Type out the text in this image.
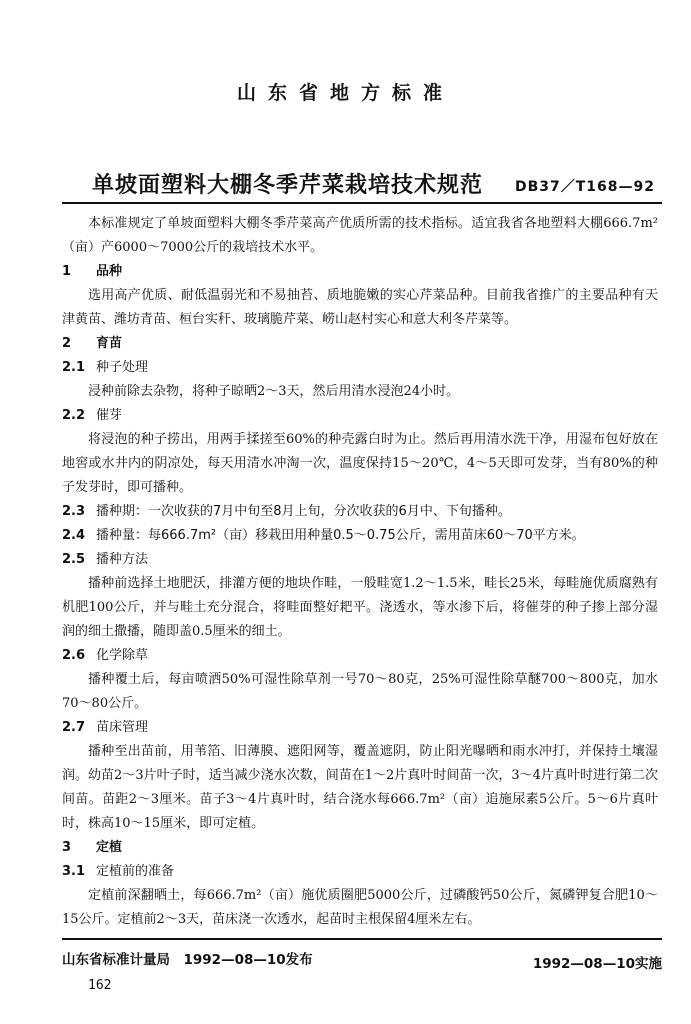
山东省地方标准
单坡面塑料大棚冬季芹菜栽培技术规范 DB37／T168—92

本标准规定了单坡面塑料大棚冬季芹菜高产优质所需的技术指标。适宜我省各地塑料大棚666.7m²（亩）产6000～7000公斤的栽培技术水平。

1 品种

选用高产优质、耐低温弱光和不易抽苔、质地脆嫩的实心芹菜品种。目前我省推广的主要品种有天津黄苗、潍坊青苗、桓台实秆、玻璃脆芹菜、崂山赵村实心和意大利冬芹菜等。

2 育苗

2.1 种子处理

浸种前除去杂物，将种子晾晒2～3天，然后用清水浸泡24小时。

2.2 催芽

将浸泡的种子捞出，用两手揉搓至60%的种壳露白时为止。然后再用清水洗干净，用湿布包好放在地窖或水井内的阴凉处，每天用清水冲淘一次，温度保持15～20℃，4～5天即可发芽，当有80%的种子发芽时，即可播种。

2.3 播种期：一次收获的7月中旬至8月上旬，分次收获的6月中、下旬播种。

2.4 播种量：每666.7m²（亩）移栽田用种量0.5～0.75公斤，需用苗床60～70平方米。

2.5 播种方法

播种前选择土地肥沃，排灌方便的地块作畦，一般畦宽1.2～1.5米，畦长25米，每畦施优质腐熟有机肥100公斤，并与畦土充分混合，将畦面整好耙平。浇透水，等水渗下后，将催芽的种子掺上部分湿润的细土撒播，随即盖0.5厘米的细土。

2.6 化学除草

播种覆土后，每亩喷洒50%可湿性除草剂一号70～80克，25%可湿性除草醚700～800克，加水70～80公斤。

2.7 苗床管理

播种至出苗前，用苇箔、旧薄膜、遮阳网等，覆盖遮阴，防止阳光曝晒和雨水冲打，并保持土壤湿润。幼苗2～3片叶子时，适当减少浇水次数，间苗在1～2片真叶时间苗一次，3～4片真叶时进行第二次间苗。苗距2～3厘米。苗子3～4片真叶时，结合浇水每666.7m²（亩）追施尿素5公斤。5～6片真叶时，株高10～15厘米，即可定植。

3 定植

3.1 定植前的准备

定植前深翻晒土，每666.7m²（亩）施优质圈肥5000公斤，过磷酸钙50公斤，氮磷钾复合肥10～15公斤。定植前2～3天，苗床浇一次透水，起苗时主根保留4厘米左右。

山东省标准计量局　1992—08—10发布	1992—08—10实施
162
